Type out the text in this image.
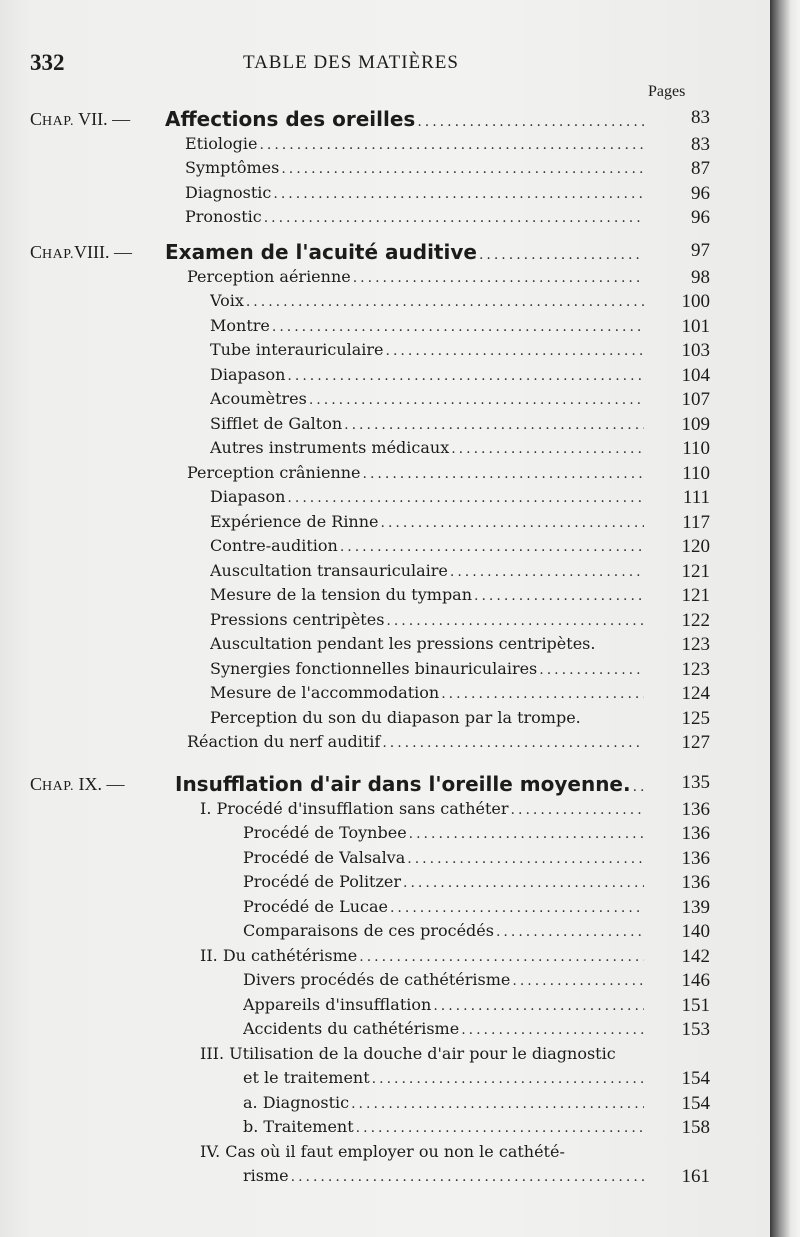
332	TABLE DES MATIÈRES
Pages
CHAP. VII. —	Affections des oreilles .....	83
Etiologie .....	83
Symptômes .....	87
Diagnostic .....	96
Pronostic .....	96
CHAP.VIII. —	Examen de l'acuité auditive .....	97
Perception aérienne .....	98
Voix .....	100
Montre .....	101
Tube interauriculaire .....	103
Diapason .....	104
Acoumètres .....	107
Sifflet de Galton .....	109
Autres instruments médicaux .....	110
Perception crânienne .....	110
Diapason .....	111
Expérience de Rinne .....	117
Contre-audition .....	120
Auscultation transauriculaire .....	121
Mesure de la tension du tympan .....	121
Pressions centripètes .....	122
Auscultation pendant les pressions centripètes.	123
Synergies fonctionnelles binauriculaires .....	123
Mesure de l'accommodation .....	124
Perception du son du diapason par la trompe.	125
Réaction du nerf auditif .....	127
CHAP. IX. —	Insufflation d'air dans l'oreille moyenne. .....	135
I. Procédé d'insufflation sans cathéter .....	136
Procédé de Toynbee .....	136
Procédé de Valsalva .....	136
Procédé de Politzer .....	136
Procédé de Lucae .....	139
Comparaisons de ces procédés .....	140
II. Du cathétérisme .....	142
Divers procédés de cathétérisme .....	146
Appareils d'insufflation .....	151
Accidents du cathétérisme .....	153
III. Utilisation de la douche d'air pour le diagnostic
et le traitement .....	154
a. Diagnostic .....	154
b. Traitement .....	158
IV. Cas où il faut employer ou non le cathété-
risme .....	161
